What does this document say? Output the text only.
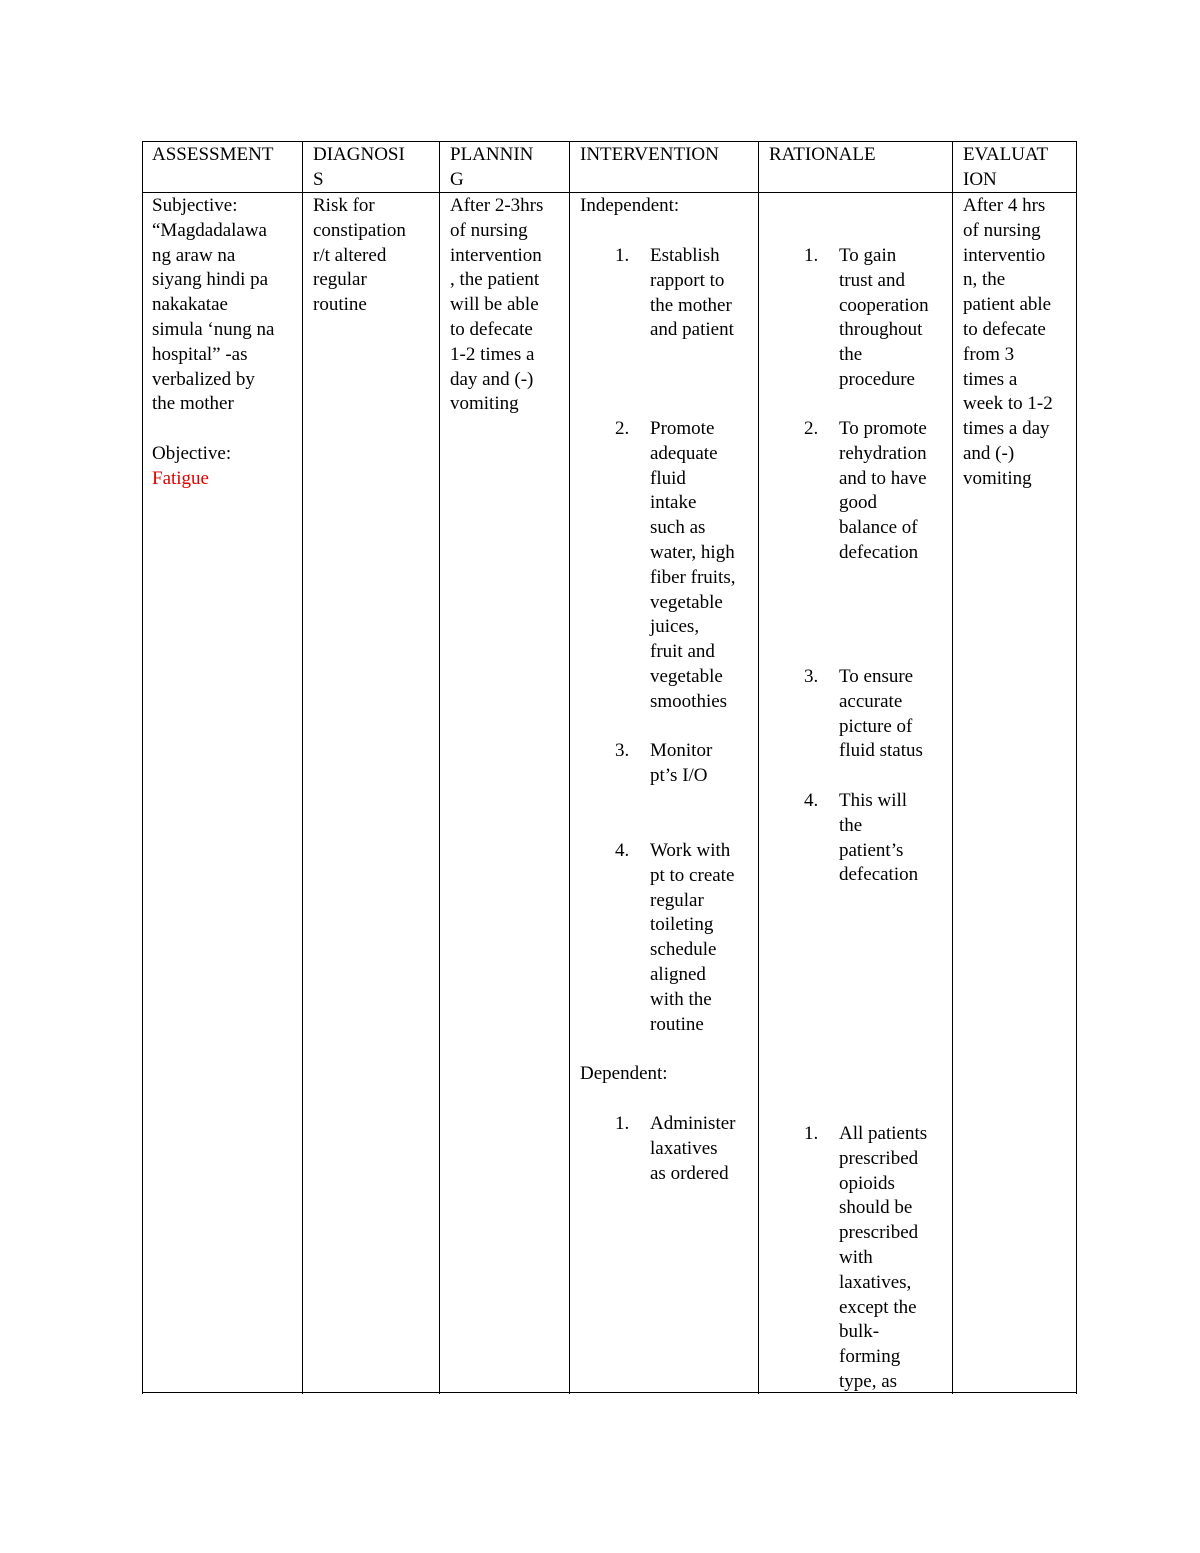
ASSESSMENT DIAGNOSI
S
PLANNIN
G
INTERVENTION	RATIONALE	EVALUAT
ION
Subjective:
“Magdadalawa
ng araw na
siyang hindi pa
nakakatae
simula ‘nung na
hospital” -as
verbalized by
the mother
Objective:
Fatigue
Risk for
constipation
r/t altered
regular
routine
After 2-3hrs
of nursing
intervention
, the patient
will be able
to defecate
1-2 times a
day and (-)
vomiting
Independent:
1. Establish
rapport to
the mother
and patient
2. Promote
adequate
fluid
intake
such as
water, high
fiber fruits,
vegetable
juices,
fruit and
vegetable
smoothies
3. Monitor
pt’s I/O
4. Work with
pt to create
regular
toileting
schedule
aligned
with the
routine
Dependent:
1. Administer
laxatives
as ordered
1. To gain
trust and
cooperation
throughout
the
procedure
2. To promote
rehydration
and to have
good
balance of
defecation
3. To ensure
accurate
picture of
fluid status
4. This will
the
patient’s
defecation
1. All patients
prescribed
opioids
should be
prescribed
with
laxatives,
except the
bulk-
forming
type, as
After 4 hrs
of nursing
interventio
n, the
patient able
to defecate
from 3
times a
week to 1-2
times a day
and (-)
vomiting
